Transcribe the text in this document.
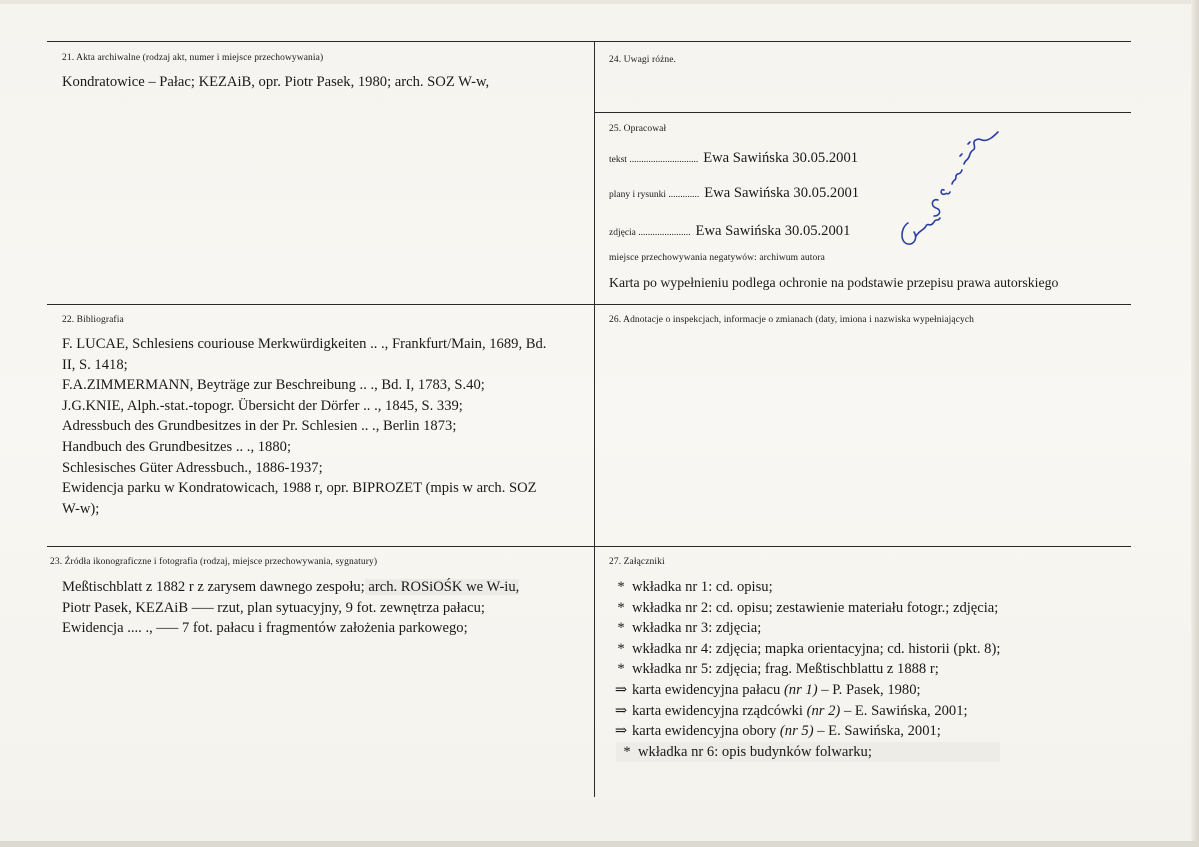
21. Akta archiwalne (rodzaj akt, numer i miejsce przechowywania)
Kondratowice – Pałac; KEZAiB, opr. Piotr Pasek, 1980; arch. SOZ W-w,
24. Uwagi różne.
25. Opracował
tekst ............................. Ewa Sawińska 30.05.2001
plany i rysunki ............. Ewa Sawińska 30.05.2001
zdjęcia ...................... Ewa Sawińska 30.05.2001
miejsce przechowywania negatywów: archiwum autora
Karta po wypełnieniu podlega ochronie na podstawie przepisu prawa autorskiego
22. Bibliografia
F. LUCAE, Schlesiens couriouse Merkwürdigkeiten .. ., Frankfurt/Main, 1689, Bd.
II, S. 1418;
F.A.ZIMMERMANN, Beyträge zur Beschreibung .. ., Bd. I, 1783, S.40;
J.G.KNIE, Alph.-stat.-topogr. Übersicht der Dörfer .. ., 1845, S. 339;
Adressbuch des Grundbesitzes in der Pr. Schlesien .. ., Berlin 1873;
Handbuch des Grundbesitzes .. ., 1880;
Schlesisches Güter Adressbuch., 1886-1937;
Ewidencja parku w Kondratowicach, 1988 r, opr. BIPROZET (mpis w arch. SOZ
W-w);
26. Adnotacje o inspekcjach, informacje o zmianach (daty, imiona i nazwiska wypełniających
23. Źródła ikonograficzne i fotografia (rodzaj, miejsce przechowywania, sygnatury)
Meßtischblatt z 1882 r z zarysem dawnego zespołu; arch. ROSiOŚK we W-iu,
Piotr Pasek, KEZAiB ––– rzut, plan sytuacyjny, 9 fot. zewnętrza pałacu;
Ewidencja .... ., ––– 7 fot. pałacu i fragmentów założenia parkowego;
27. Załączniki
* wkładka nr 1: cd. opisu;
* wkładka nr 2: cd. opisu; zestawienie materiału fotogr.; zdjęcia;
* wkładka nr 3: zdjęcia;
* wkładka nr 4: zdjęcia; mapka orientacyjna; cd. historii (pkt. 8);
* wkładka nr 5: zdjęcia; frag. Meßtischblattu z 1888 r;
⇒ karta ewidencyjna pałacu (nr 1) – P. Pasek, 1980;
⇒ karta ewidencyjna rządcówki (nr 2) – E. Sawińska, 2001;
⇒ karta ewidencyjna obory (nr 5) – E. Sawińska, 2001;
* wkładka nr 6: opis budynków folwarku;
